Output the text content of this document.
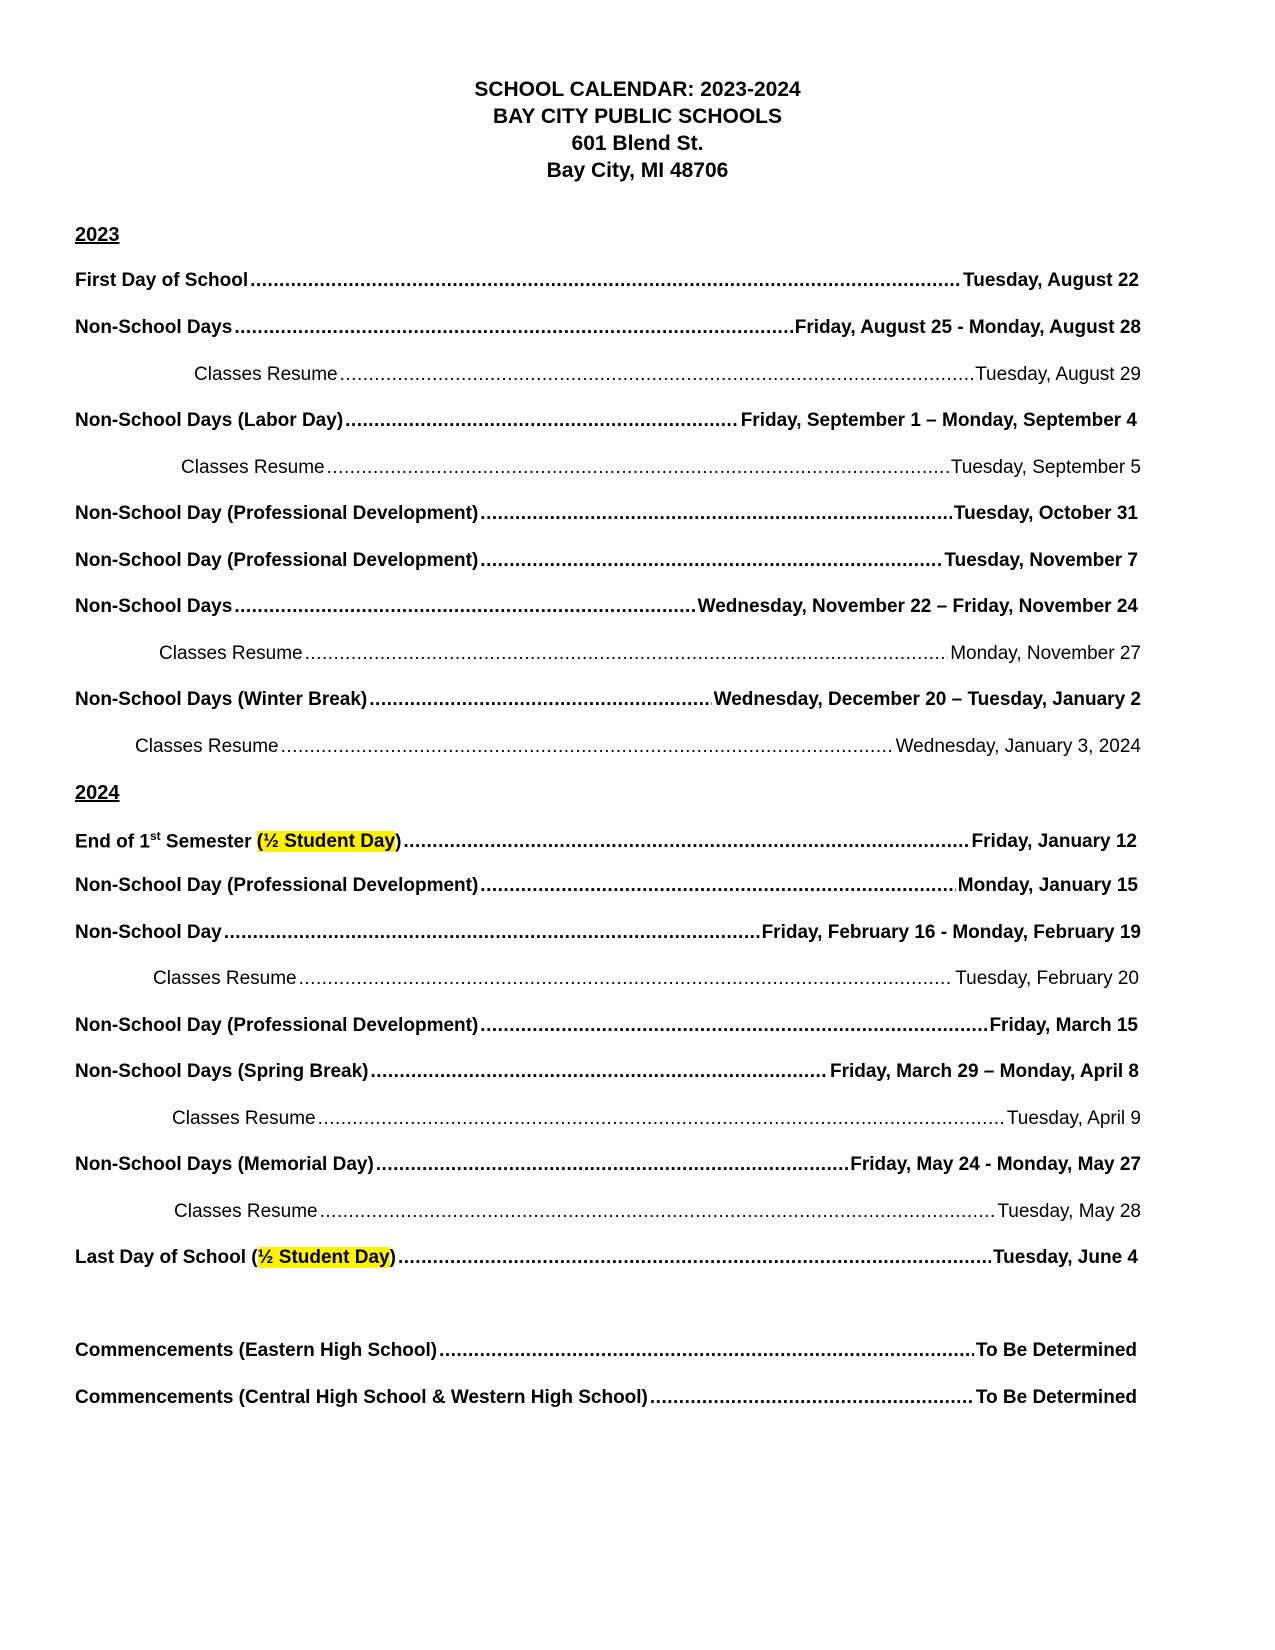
SCHOOL CALENDAR: 2023-2024
BAY CITY PUBLIC SCHOOLS
601 Blend St.
Bay City, MI 48706
2023
First Day of School .....	Tuesday, August 22
Non-School Days .....	Friday, August 25 - Monday, August 28
Classes Resume .....	Tuesday, August 29
Non-School Days (Labor Day) .....	Friday, September 1 – Monday, September 4
Classes Resume .....	Tuesday, September 5
Non-School Day (Professional Development) .....	Tuesday, October 31
Non-School Day (Professional Development) .....	Tuesday, November 7
Non-School Days .....	Wednesday, November 22 – Friday, November 24
Classes Resume .....	Monday, November 27
Non-School Days (Winter Break) .....	Wednesday, December 20 – Tuesday, January 2
Classes Resume .....	Wednesday, January 3, 2024
2024
End of 1st Semester (½ Student Day) .....	Friday, January 12
Non-School Day (Professional Development) .....	Monday, January 15
Non-School Day .....	Friday, February 16 - Monday, February 19
Classes Resume .....	Tuesday, February 20
Non-School Day (Professional Development) .....	Friday, March 15
Non-School Days (Spring Break) .....	Friday, March 29 – Monday, April 8
Classes Resume .....	Tuesday, April 9
Non-School Days (Memorial Day) .....	Friday, May 24 - Monday, May 27
Classes Resume .....	Tuesday, May 28
Last Day of School (½ Student Day) .....	Tuesday, June 4
Commencements (Eastern High School) .....	To Be Determined
Commencements (Central High School & Western High School) .....	To Be Determined
